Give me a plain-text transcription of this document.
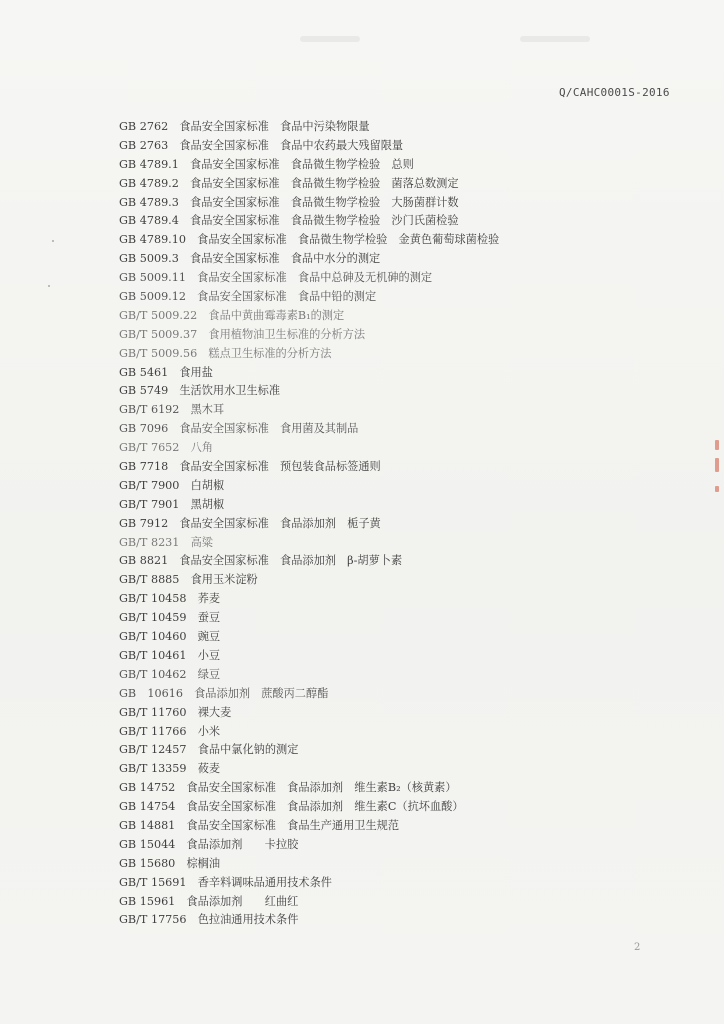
Q/CAHC0001S-2016
GB 2762　食品安全国家标准　食品中污染物限量
GB 2763　食品安全国家标准　食品中农药最大残留限量
GB 4789.1　食品安全国家标准　食品微生物学检验　总则
GB 4789.2　食品安全国家标准　食品微生物学检验　菌落总数测定
GB 4789.3　食品安全国家标准　食品微生物学检验　大肠菌群计数
GB 4789.4　食品安全国家标准　食品微生物学检验　沙门氏菌检验
GB 4789.10　食品安全国家标准　食品微生物学检验　金黄色葡萄球菌检验
GB 5009.3　食品安全国家标准　食品中水分的测定
GB 5009.11　食品安全国家标准　食品中总砷及无机砷的测定
GB 5009.12　食品安全国家标准　食品中铅的测定
GB/T 5009.22　食品中黄曲霉毒素B₁的测定
GB/T 5009.37　食用植物油卫生标准的分析方法
GB/T 5009.56　糕点卫生标准的分析方法
GB 5461　食用盐
GB 5749　生活饮用水卫生标准
GB/T 6192　黑木耳
GB 7096　食品安全国家标准　食用菌及其制品
GB/T 7652　八角
GB 7718　食品安全国家标准　预包装食品标签通则
GB/T 7900　白胡椒
GB/T 7901　黑胡椒
GB 7912　食品安全国家标准　食品添加剂　栀子黄
GB/T 8231　高粱
GB 8821　食品安全国家标准　食品添加剂　β-胡萝卜素
GB/T 8885　食用玉米淀粉
GB/T 10458　荞麦
GB/T 10459　蚕豆
GB/T 10460　豌豆
GB/T 10461　小豆
GB/T 10462　绿豆
GB　10616　食品添加剂　蔗酸丙二醇酯
GB/T 11760　裸大麦
GB/T 11766　小米
GB/T 12457　食品中氯化钠的测定
GB/T 13359　莜麦
GB 14752　食品安全国家标准　食品添加剂　维生素B₂（核黄素）
GB 14754　食品安全国家标准　食品添加剂　维生素C（抗坏血酸）
GB 14881　食品安全国家标准　食品生产通用卫生规范
GB 15044　食品添加剂　　卡拉胶
GB 15680　棕榈油
GB/T 15691　香辛料调味品通用技术条件
GB 15961　食品添加剂　　红曲红
GB/T 17756　色拉油通用技术条件
2
